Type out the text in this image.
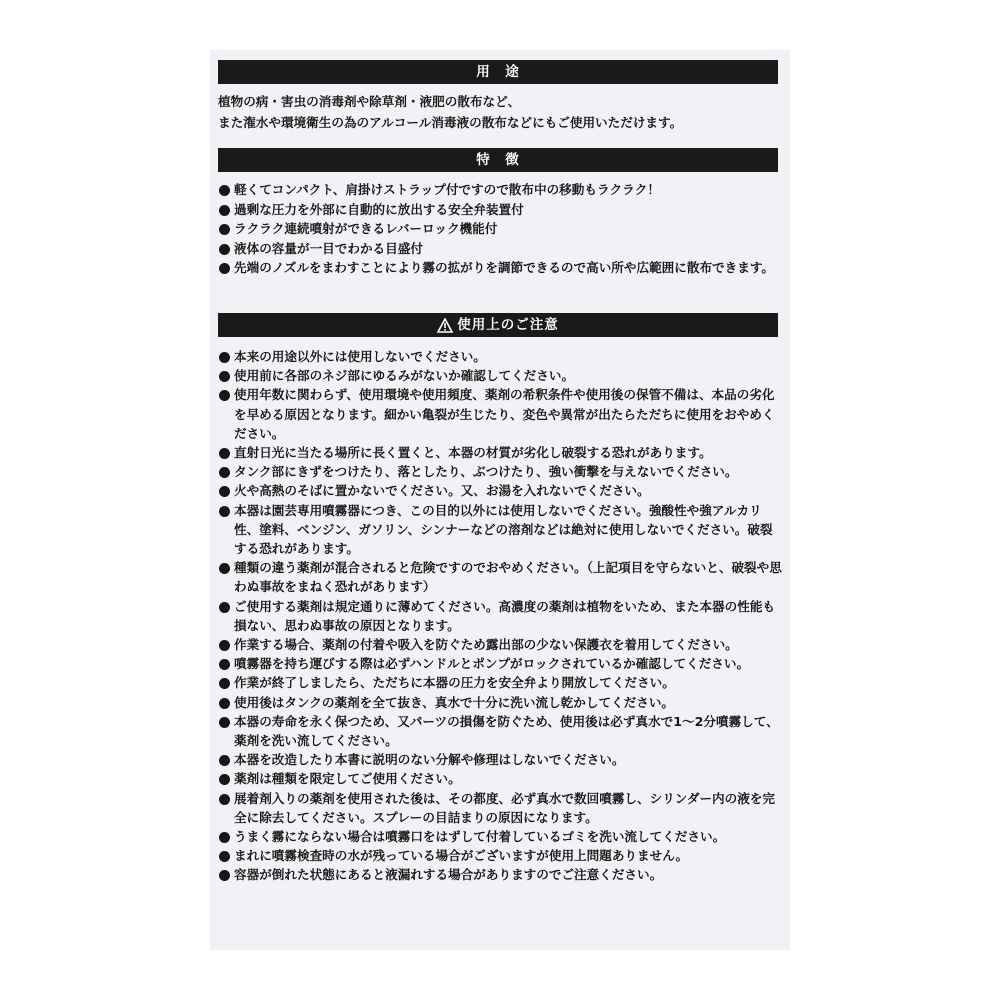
用　途

植物の病・害虫の消毒剤や除草剤・液肥の散布など、
また潅水や環境衛生の為のアルコール消毒液の散布などにもご使用いただけます。

特　徴
軽くてコンパクト、肩掛けストラップ付ですので散布中の移動もラクラク！
過剰な圧力を外部に自動的に放出する安全弁装置付
ラクラク連続噴射ができるレバーロック機能付
液体の容量が一目でわかる目盛付
先端のノズルをまわすことにより霧の拡がりを調節できるので高い所や広範囲に散布できます。
使用上のご注意
本来の用途以外には使用しないでください。
使用前に各部のネジ部にゆるみがないか確認してください。
使用年数に関わらず、使用環境や使用頻度、薬剤の希釈条件や使用後の保管不備は、本品の劣化を早める原因となります。細かい亀裂が生じたり、変色や異常が出たらただちに使用をおやめください。
直射日光に当たる場所に長く置くと、本器の材質が劣化し破裂する恐れがあります。
タンク部にきずをつけたり、落としたり、ぶつけたり、強い衝撃を与えないでください。
火や高熱のそばに置かないでください。又、お湯を入れないでください。
本器は園芸専用噴霧器につき、この目的以外には使用しないでください。強酸性や強アルカリ性、塗料、ベンジン、ガソリン、シンナーなどの溶剤などは絶対に使用しないでください。破裂する恐れがあります。
種類の違う薬剤が混合されると危険ですのでおやめください。（上記項目を守らないと、破裂や思わぬ事故をまねく恐れがあります）
ご使用する薬剤は規定通りに薄めてください。高濃度の薬剤は植物をいため、また本器の性能も損ない、思わぬ事故の原因となります。
作業する場合、薬剤の付着や吸入を防ぐため露出部の少ない保護衣を着用してください。
噴霧器を持ち運びする際は必ずハンドルとポンプがロックされているか確認してください。
作業が終了しましたら、ただちに本器の圧力を安全弁より開放してください。
使用後はタンクの薬剤を全て抜き、真水で十分に洗い流し乾かしてください。
本器の寿命を永く保つため、又パーツの損傷を防ぐため、使用後は必ず真水で1～2分噴霧して、薬剤を洗い流してください。
本器を改造したり本書に説明のない分解や修理はしないでください。
薬剤は種類を限定してご使用ください。
展着剤入りの薬剤を使用された後は、その都度、必ず真水で数回噴霧し、シリンダー内の液を完全に除去してください。スプレーの目詰まりの原因になります。
うまく霧にならない場合は噴霧口をはずして付着しているゴミを洗い流してください。
まれに噴霧検査時の水が残っている場合がございますが使用上問題ありません。
容器が倒れた状態にあると液漏れする場合がありますのでご注意ください。
